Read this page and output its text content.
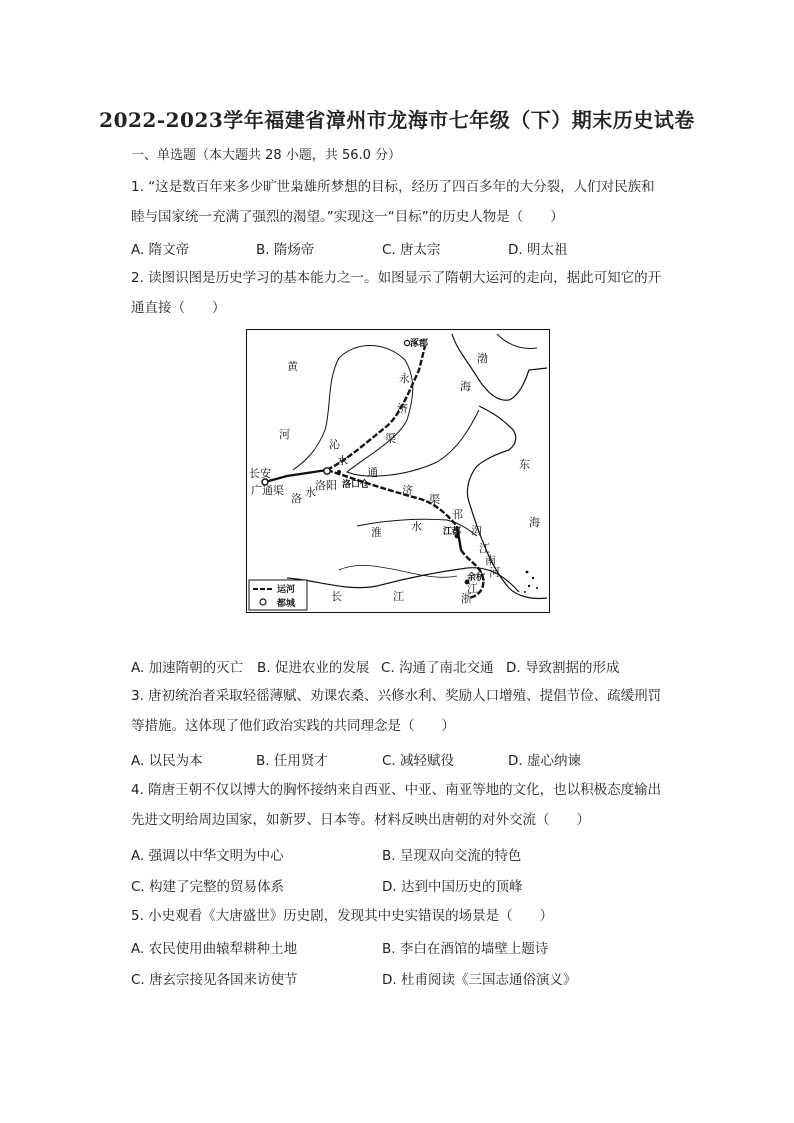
2022-2023学年福建省漳州市龙海市七年级（下）期末历史试卷
一、单选题（本大题共 28 小题，共 56.0 分）
1. “这是数百年来多少旷世枭雄所梦想的目标，经历了四百多年的大分裂，人们对民族和
睦与国家统一充满了强烈的渴望。”实现这一“目标”的历史人物是（　　）
A. 隋文帝	B. 隋炀帝	C. 唐太宗	D. 明太祖
2. 读图识图是历史学习的基本能力之一。如图显示了隋朝大运河的走向，据此可知它的开
通直接（　　）
涿郡
长安
洛阳 洛口仓
江都
余杭
永
济
渠
通
济
渠
邗
沟
江
南
河
广通渠
黄
河
沁
水
洛 水
淮	水
长	江	浙
江
渤
海
东
海
运河
都城
A. 加速隋朝的灭亡 B. 促进农业的发展 C. 沟通了南北交通 D. 导致割据的形成
3. 唐初统治者采取轻徭薄赋、劝课农桑、兴修水利、奖励人口增殖、提倡节俭、疏缓刑罚
等措施。这体现了他们政治实践的共同理念是（　　）
A. 以民为本	B. 任用贤才	C. 减轻赋役	D. 虚心纳谏
4. 隋唐王朝不仅以博大的胸怀接纳来自西亚、中亚、南亚等地的文化，也以积极态度输出
先进文明给周边国家，如新罗、日本等。材料反映出唐朝的对外交流（　　）
A. 强调以中华文明为中心	B. 呈现双向交流的特色
C. 构建了完整的贸易体系	D. 达到中国历史的顶峰
5. 小史观看《大唐盛世》历史剧，发现其中史实错误的场景是（　　）
A. 农民使用曲辕犁耕种土地	B. 李白在酒馆的墙壁上题诗
C. 唐玄宗接见各国来访使节	D. 杜甫阅读《三国志通俗演义》
